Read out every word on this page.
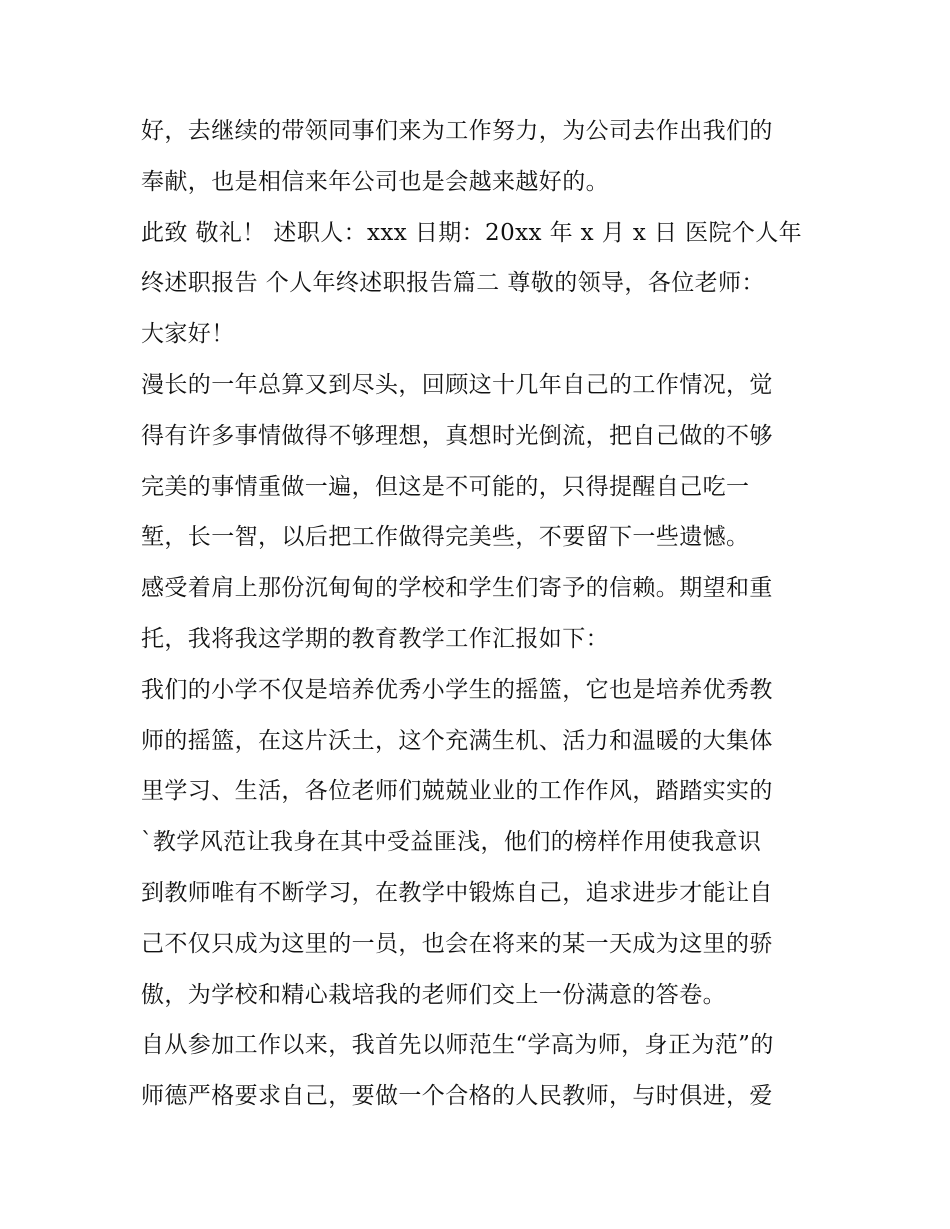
好，去继续的带领同事们来为工作努力，为公司去作出我们的
奉献，也是相信来年公司也是会越来越好的。
此致 敬礼！ 述职人：xxx 日期：20xx 年 x 月 x 日 医院个人年
终述职报告 个人年终述职报告篇二 尊敬的领导，各位老师：
大家好！
漫长的一年总算又到尽头，回顾这十几年自己的工作情况，觉
得有许多事情做得不够理想，真想时光倒流，把自己做的不够
完美的事情重做一遍，但这是不可能的，只得提醒自己吃一
堑，长一智，以后把工作做得完美些，不要留下一些遗憾。
感受着肩上那份沉甸甸的学校和学生们寄予的信赖。期望和重
托，我将我这学期的教育教学工作汇报如下：
我们的小学不仅是培养优秀小学生的摇篮，它也是培养优秀教
师的摇篮，在这片沃土，这个充满生机、活力和温暖的大集体
里学习、生活，各位老师们兢兢业业的工作作风，踏踏实实的
`教学风范让我身在其中受益匪浅，他们的榜样作用使我意识
到教师唯有不断学习，在教学中锻炼自己，追求进步才能让自
己不仅只成为这里的一员，也会在将来的某一天成为这里的骄
傲，为学校和精心栽培我的老师们交上一份满意的答卷。
自从参加工作以来，我首先以师范生“学高为师，身正为范”的
师德严格要求自己，要做一个合格的人民教师，与时俱进，爱
